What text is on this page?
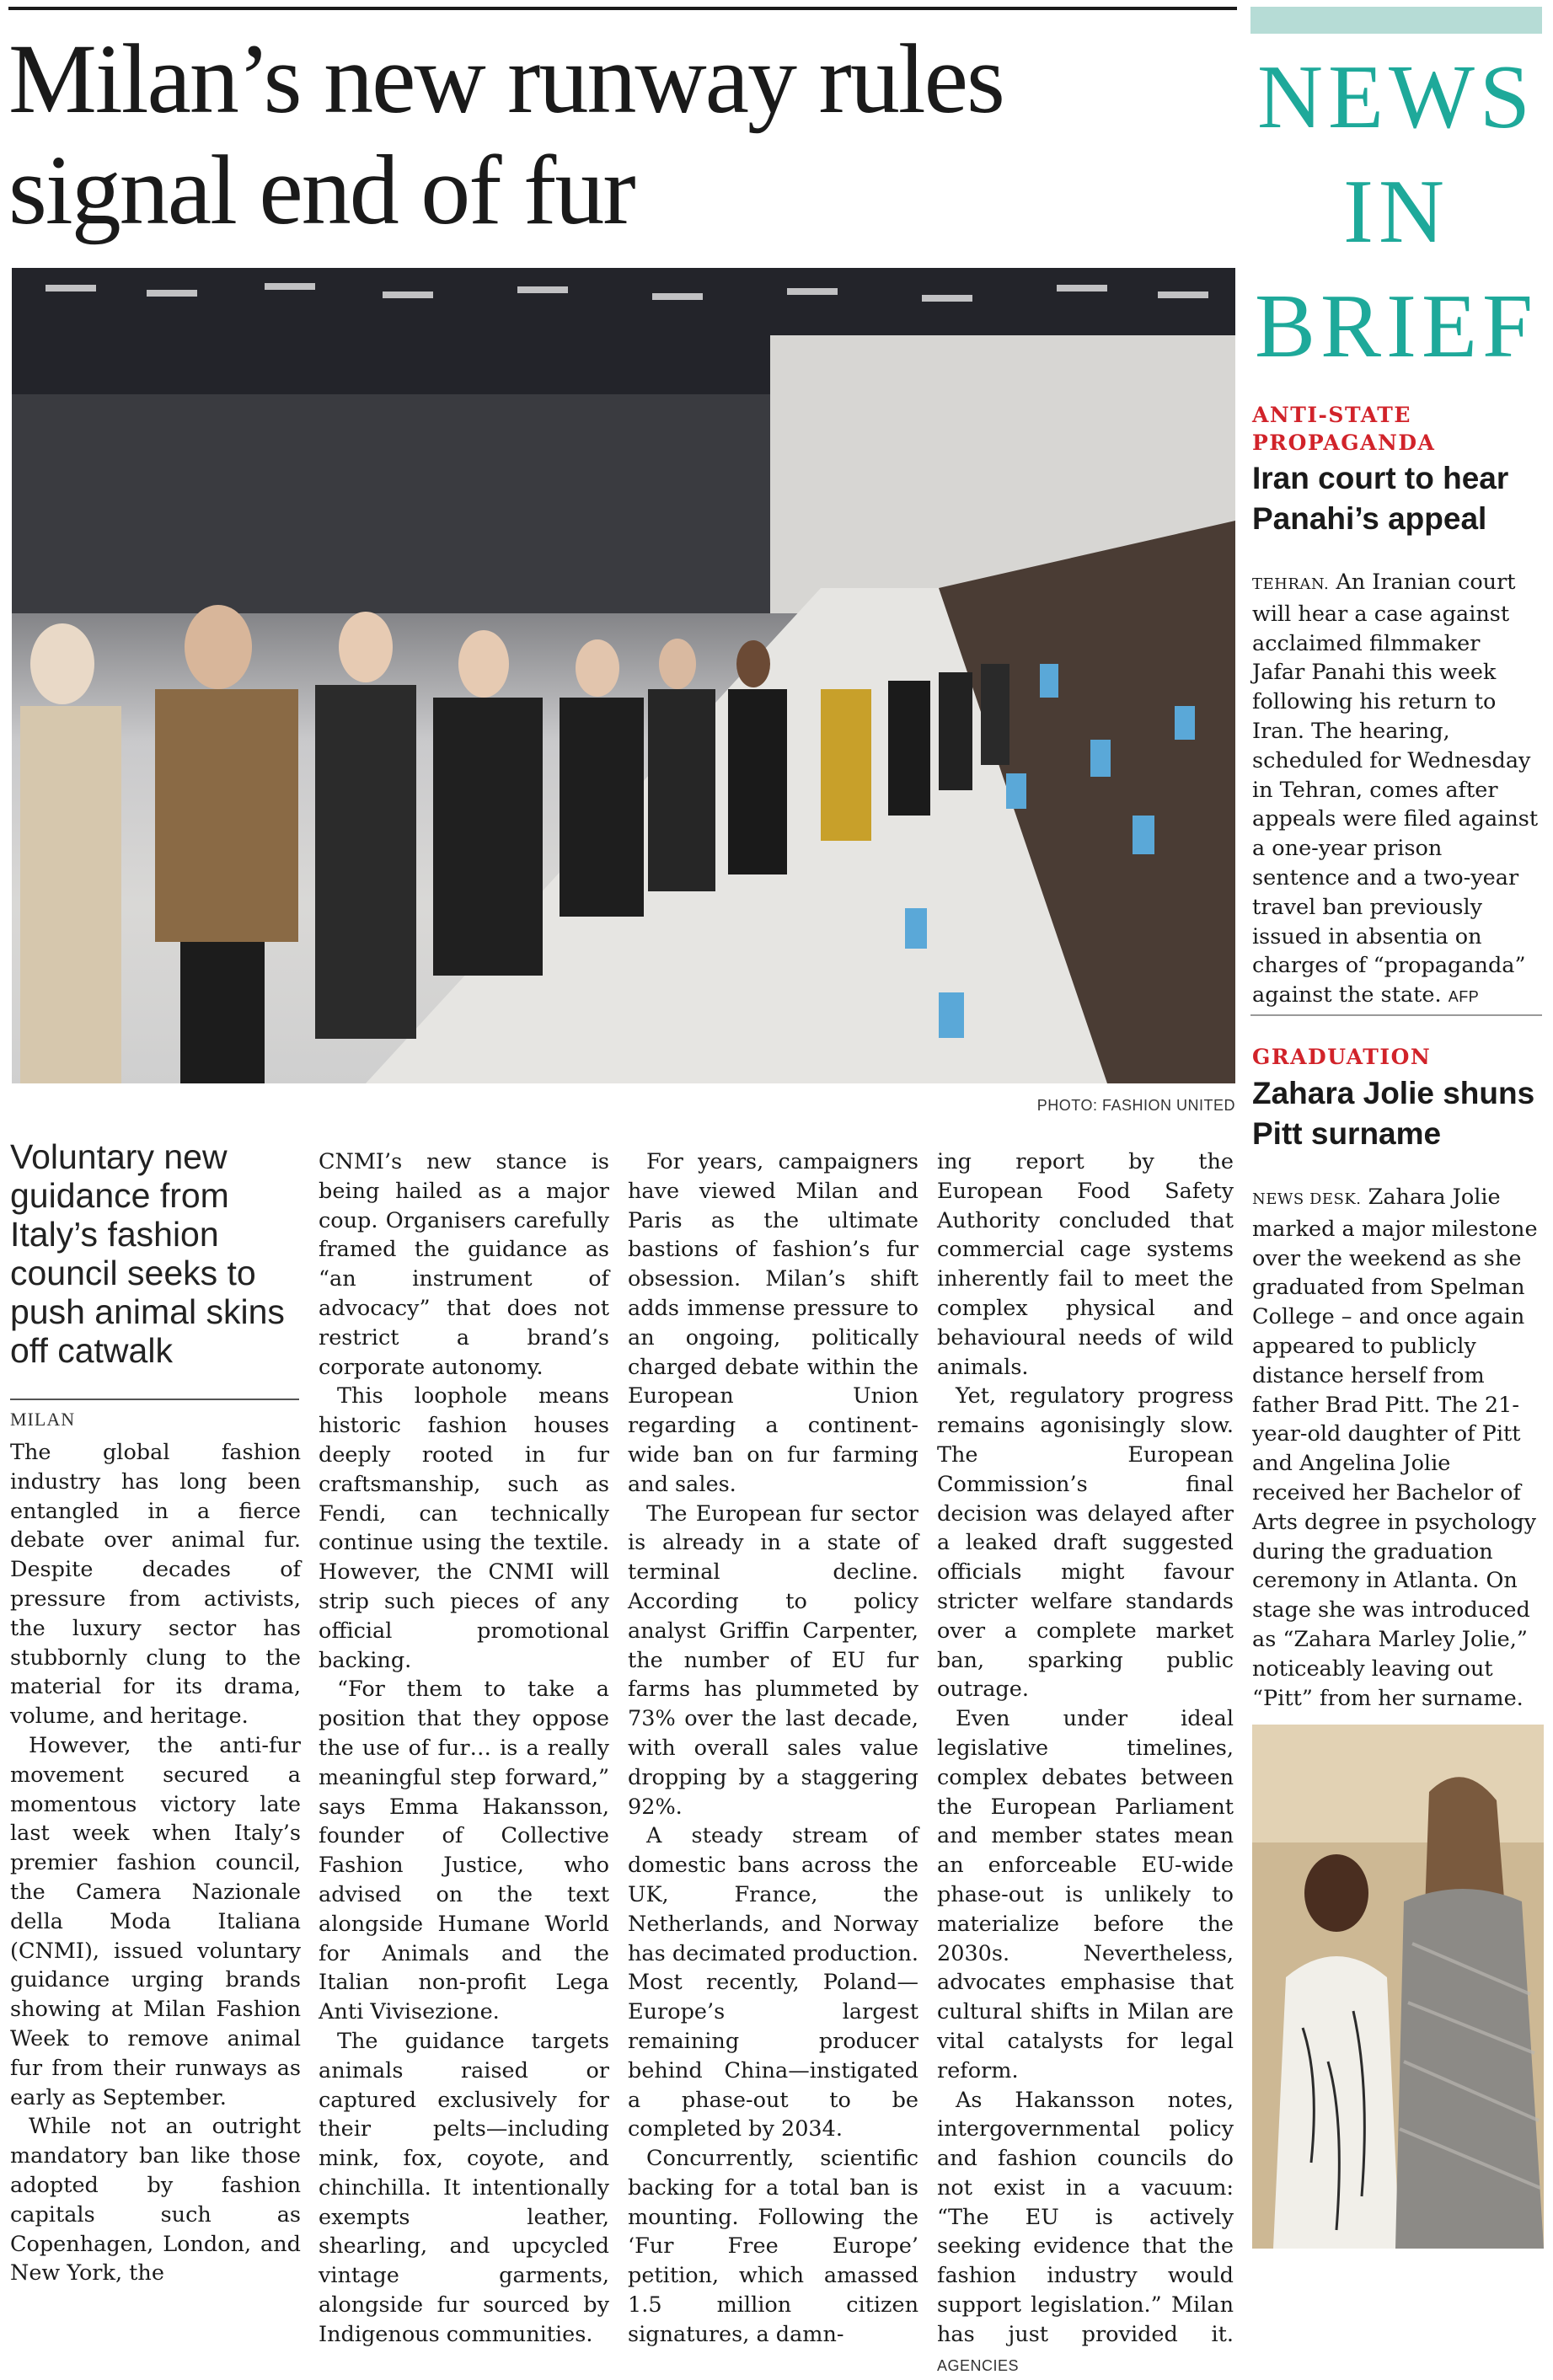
Milan’s new runway rules signal end of fur
PHOTO: FASHION UNITED
Voluntary new guidance from Italy’s fashion council seeks to push animal skins off catwalk
MILAN

The global fashion industry has long been entangled in a fierce debate over animal fur. Despite decades of pressure from activists, the luxury sector has stubbornly clung to the material for its drama, volume, and heritage.

However, the anti-fur movement secured a momentous victory late last week when Italy’s premier fashion council, the Camera Nazionale della Moda Italiana (CNMI), issued voluntary guidance urging brands showing at Milan Fashion Week to remove animal fur from their runways as early as September.

While not an outright mandatory ban like those adopted by fashion capitals such as Copenhagen, London, and New York, the

CNMI’s new stance is being hailed as a major coup. Organisers carefully framed the guidance as “an instrument of advocacy” that does not restrict a brand’s corporate autonomy.

This loophole means historic fashion houses deeply rooted in fur craftsmanship, such as Fendi, can technically continue using the textile. However, the CNMI will strip such pieces of any official promotional backing.

“For them to take a position that they oppose the use of fur… is a really meaningful step forward,” says Emma Hakansson, founder of Collective Fashion Justice, who advised on the text alongside Humane World for Animals and the Italian non-profit Lega Anti Vivisezione.

The guidance targets animals raised or captured exclusively for their pelts—including mink, fox, coyote, and chinchilla. It intentionally exempts leather, shearling, and upcycled vintage garments, alongside fur sourced by Indigenous communities.

For years, campaigners have viewed Milan and Paris as the ultimate bastions of fashion’s fur obsession. Milan’s shift adds immense pressure to an ongoing, politically charged debate within the European Union regarding a continent-wide ban on fur farming and sales.

The European fur sector is already in a state of terminal decline. According to policy analyst Griffin Carpenter, the number of EU fur farms has plummeted by 73% over the last decade, with overall sales value dropping by a staggering 92%.

A steady stream of domestic bans across the UK, France, the Netherlands, and Norway has decimated production. Most recently, Poland—Europe’s largest remaining producer behind China—instigated a phase-out to be completed by 2034.

Concurrently, scientific backing for a total ban is mounting. Following the ‘Fur Free Europe’ petition, which amassed 1.5 million citizen signatures, a damn-

ing report by the European Food Safety Authority concluded that commercial cage systems inherently fail to meet the complex physical and behavioural needs of wild animals.

Yet, regulatory progress remains agonisingly slow. The European Commission’s final decision was delayed after a leaked draft suggested officials might favour stricter welfare standards over a complete market ban, sparking public outrage.

Even under ideal legislative timelines, complex debates between the European Parliament and member states mean an enforceable EU-wide phase-out is unlikely to materialize before the 2030s. Nevertheless, advocates emphasise that cultural shifts in Milan are vital catalysts for legal reform.

As Hakansson notes, intergovernmental policy and fashion councils do not exist in a vacuum: “The EU is actively seeking evidence that the fashion industry would support legislation.” Milan has just provided it. AGENCIES

NEWS
IN
BRIEF
ANTI-STATE
PROPAGANDA
Iran court to hear Panahi’s appeal
TEHRAN. An Iranian court will hear a case against acclaimed filmmaker Jafar Panahi this week following his return to Iran. The hearing, scheduled for Wednesday in Tehran, comes after appeals were filed against a one-year prison sentence and a two-year travel ban previously issued in absentia on charges of “propaganda” against the state. AFP
GRADUATION
Zahara Jolie shuns Pitt surname
NEWS DESK. Zahara Jolie marked a major milestone over the weekend as she graduated from Spelman College – and once again appeared to publicly distance herself from father Brad Pitt. The 21-year-old daughter of Pitt and Angelina Jolie received her Bachelor of Arts degree in psychology during the graduation ceremony in Atlanta. On stage she was introduced as “Zahara Marley Jolie,” noticeably leaving out “Pitt” from her surname.
